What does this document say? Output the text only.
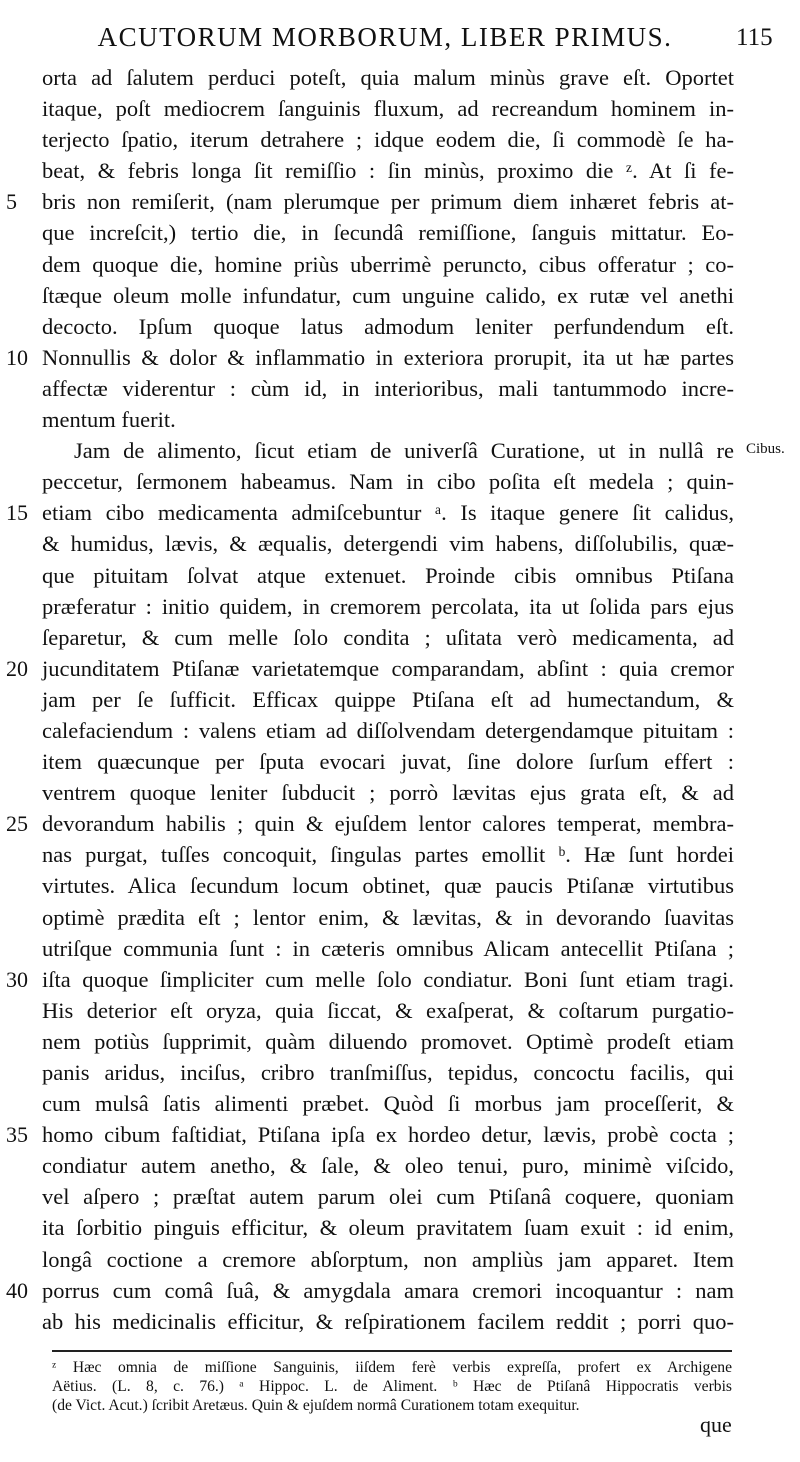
ACUTORUM MORBORUM, LIBER PRIMUS.	115
orta ad ſalutem perduci poteſt, quia malum minùs grave eſt. Oportet
itaque, poſt mediocrem ſanguinis fluxum, ad recreandum hominem in-
terjecto ſpatio, iterum detrahere ; idque eodem die, ſi commodè ſe ha-
beat, & febris longa ſit remiſſio : ſin minùs, proximo die ᶻ. At ſi fe-
5	bris non remiſerit, (nam plerumque per primum diem inhæret febris at-
que increſcit,) tertio die, in ſecundâ remiſſione, ſanguis mittatur. Eo-
dem quoque die, homine priùs uberrimè peruncto, cibus offeratur ; co-
ſtæque oleum molle infundatur, cum unguine calido, ex rutæ vel anethi
decocto. Ipſum quoque latus admodum leniter perfundendum eſt.
10 Nonnullis & dolor & inflammatio in exteriora prorupit, ita ut hæ partes
affectæ viderentur : cùm id, in interioribus, mali tantummodo incre-
mentum fuerit.
Jam de alimento, ſicut etiam de univerſâ Curatione, ut in nullâ re
peccetur, ſermonem habeamus. Nam in cibo poſita eſt medela ; quin-
15 etiam cibo medicamenta admiſcebuntur ᵃ. Is itaque genere ſit calidus,
& humidus, lævis, & æqualis, detergendi vim habens, diſſolubilis, quæ-
que pituitam ſolvat atque extenuet. Proinde cibis omnibus Ptiſana
præferatur : initio quidem, in cremorem percolata, ita ut ſolida pars ejus
ſeparetur, & cum melle ſolo condita ; uſitata verò medicamenta, ad
20 jucunditatem Ptiſanæ varietatemque comparandam, abſint : quia cremor
jam per ſe ſufficit. Efficax quippe Ptiſana eſt ad humectandum, &
calefaciendum : valens etiam ad diſſolvendam detergendamque pituitam :
item quæcunque per ſputa evocari juvat, ſine dolore ſurſum effert :
ventrem quoque leniter ſubducit ; porrò lævitas ejus grata eſt, & ad
25 devorandum habilis ; quin & ejuſdem lentor calores temperat, membra-
nas purgat, tuſſes concoquit, ſingulas partes emollit ᵇ. Hæ ſunt hordei
virtutes. Alica ſecundum locum obtinet, quæ paucis Ptiſanæ virtutibus
optimè prædita eſt ; lentor enim, & lævitas, & in devorando ſuavitas
utriſque communia ſunt : in cæteris omnibus Alicam antecellit Ptiſana ;
30 iſta quoque ſimpliciter cum melle ſolo condiatur. Boni ſunt etiam tragi.
His deterior eſt oryza, quia ſiccat, & exaſperat, & coſtarum purgatio-
nem potiùs ſupprimit, quàm diluendo promovet. Optimè prodeſt etiam
panis aridus, inciſus, cribro tranſmiſſus, tepidus, concoctu facilis, qui
cum mulsâ ſatis alimenti præbet. Quòd ſi morbus jam proceſſerit, &
35 homo cibum faſtidiat, Ptiſana ipſa ex hordeo detur, lævis, probè cocta ;
condiatur autem anetho, & ſale, & oleo tenui, puro, minimè viſcido,
vel aſpero ; præſtat autem parum olei cum Ptiſanâ coquere, quoniam
ita ſorbitio pinguis efficitur, & oleum pravitatem ſuam exuit : id enim,
longâ coctione a cremore abſorptum, non ampliùs jam apparet. Item
40 porrus cum comâ ſuâ, & amygdala amara cremori incoquantur : nam
ab his medicinalis efficitur, & reſpirationem facilem reddit ; porri quo-
Cibus.
ᶻ Hæc omnia de miſſione Sanguinis, iiſdem ferè verbis expreſſa, profert ex Archigene
Aëtius. (L. 8, c. 76.) ᵃ Hippoc. L. de Aliment. ᵇ Hæc de Ptiſanâ Hippocratis verbis
(de Vict. Acut.) ſcribit Aretæus. Quin & ejuſdem normâ Curationem totam exequitur.
que
